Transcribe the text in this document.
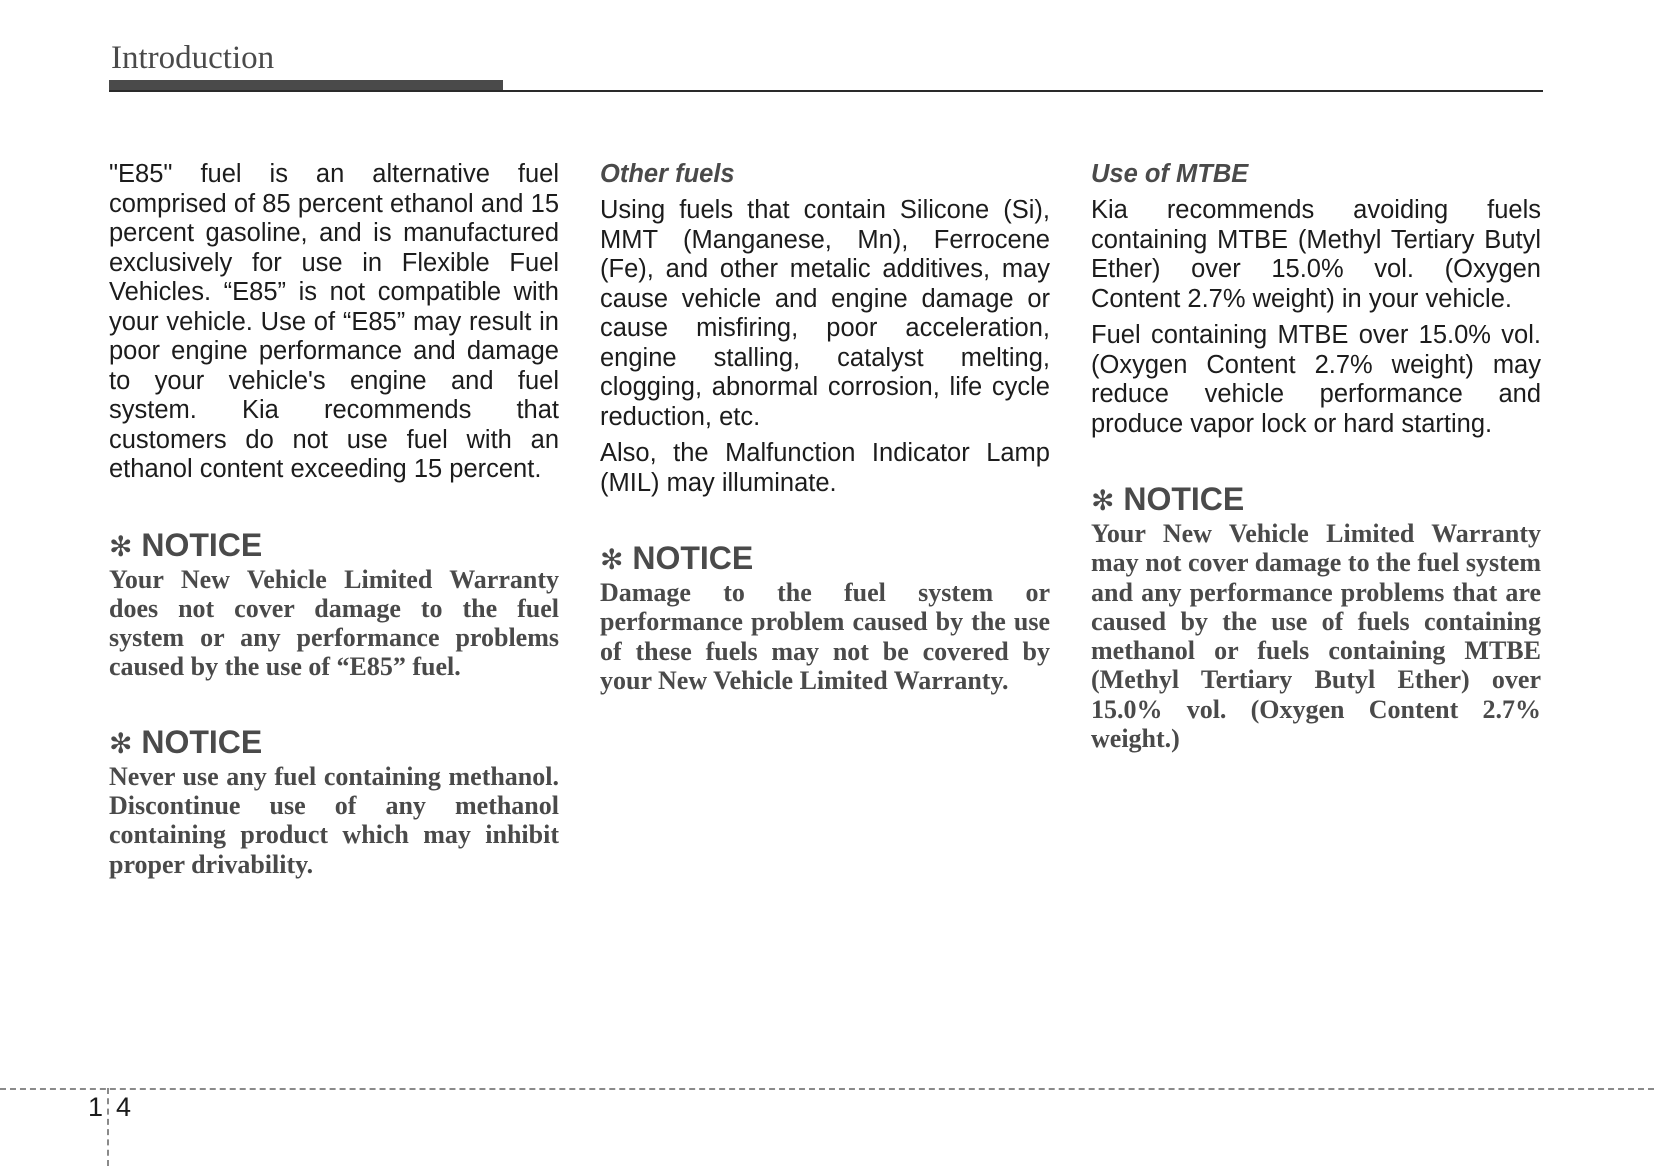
Introduction

"E85" fuel is an alternative fuel comprised of 85 percent ethanol and 15 percent gasoline, and is manufactured exclusively for use in Flexible Fuel Vehicles. “E85” is not compatible with your vehicle. Use of “E85” may result in poor engine performance and damage to your vehicle's engine and fuel system. Kia recommends that customers do not use fuel with an ethanol content exceeding 15 percent.

✻ NOTICE

Your New Vehicle Limited Warranty does not cover damage to the fuel system or any performance problems caused by the use of “E85” fuel.

✻ NOTICE

Never use any fuel containing methanol. Discontinue use of any methanol containing product which may inhibit proper drivability.

Other fuels

Using fuels that contain Silicone (Si), MMT (Manganese, Mn), Ferrocene (Fe), and other metalic additives, may cause vehicle and engine damage or cause misfiring, poor acceleration, engine stalling, catalyst melting, clogging, abnormal corrosion, life cycle reduction, etc.

Also, the Malfunction Indicator Lamp (MIL) may illuminate.

✻ NOTICE

Damage to the fuel system or performance problem caused by the use of these fuels may not be covered by your New Vehicle Limited Warranty.

Use of MTBE

Kia recommends avoiding fuels containing MTBE (Methyl Tertiary Butyl Ether) over 15.0% vol. (Oxygen Content 2.7% weight) in your vehicle.

Fuel containing MTBE over 15.0% vol. (Oxygen Content 2.7% weight) may reduce vehicle performance and produce vapor lock or hard starting.

✻ NOTICE

Your New Vehicle Limited Warranty may not cover damage to the fuel system and any performance problems that are caused by the use of fuels containing methanol or fuels containing MTBE (Methyl Tertiary Butyl Ether) over 15.0% vol. (Oxygen Content 2.7% weight.)

1 4
